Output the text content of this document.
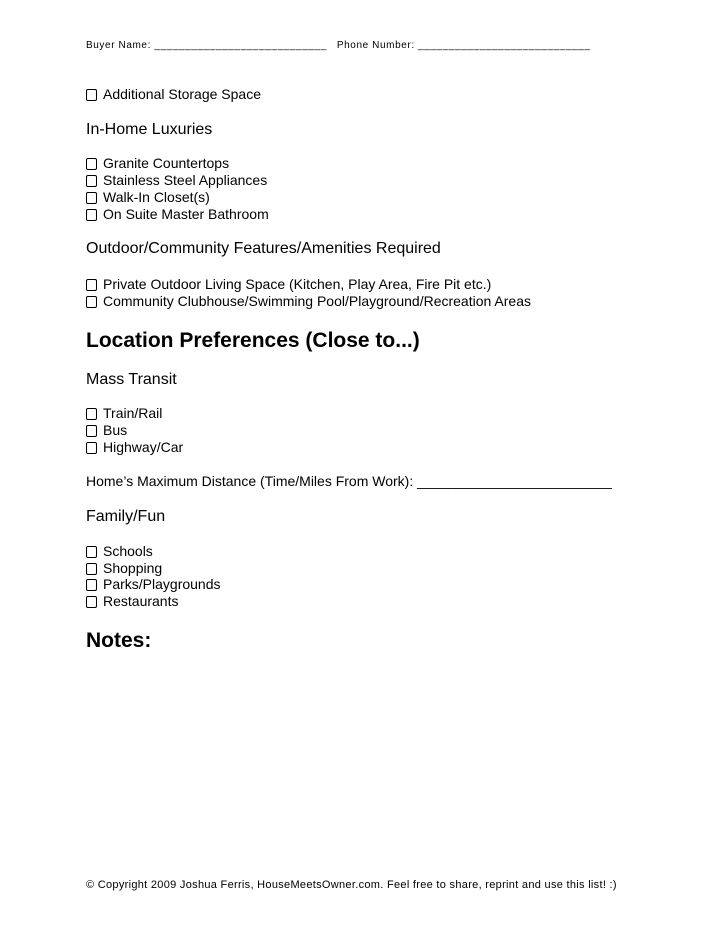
Buyer Name: ____________________________ Phone Number: ____________________________
Additional Storage Space
In-Home Luxuries
Granite Countertops
Stainless Steel Appliances
Walk-In Closet(s)
On Suite Master Bathroom
Outdoor/Community Features/Amenities Required
Private Outdoor Living Space (Kitchen, Play Area, Fire Pit etc.)
Community Clubhouse/Swimming Pool/Playground/Recreation Areas
Location Preferences (Close to...)
Mass Transit
Train/Rail
Bus
Highway/Car
Home’s Maximum Distance (Time/Miles From Work): _________________________
Family/Fun
Schools
Shopping
Parks/Playgrounds
Restaurants
Notes:
© Copyright 2009 Joshua Ferris, HouseMeetsOwner.com. Feel free to share, reprint and use this list! :)
